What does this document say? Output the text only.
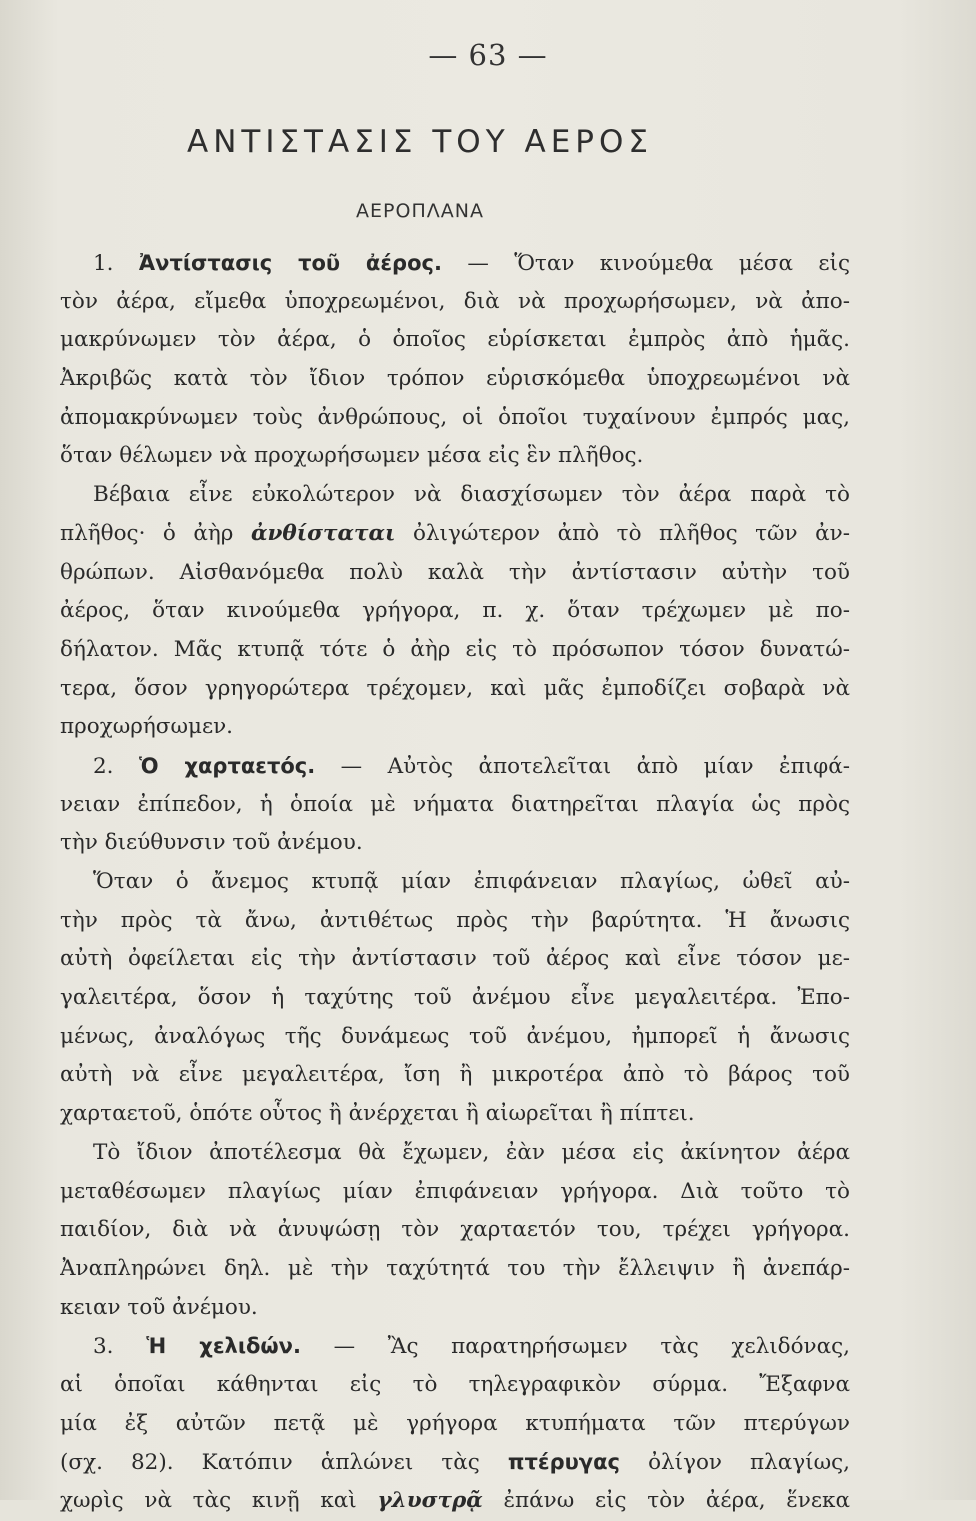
— 63 —
ΑΝΤΙΣΤΑΣΙΣ ΤΟΥ ΑΕΡΟΣ
ΑΕΡΟΠΛΑΝΑ
1. Ἀντίστασις τοῦ ἀέρος. — Ὅταν κινούμεθα μέσα εἰς
τὸν ἀέρα, εἴμεθα ὑποχρεωμένοι, διὰ νὰ προχωρήσωμεν, νὰ ἀπο-
μακρύνωμεν τὸν ἀέρα, ὁ ὁποῖος εὑρίσκεται ἐμπρὸς ἀπὸ ἡμᾶς.
Ἀκριβῶς κατὰ τὸν ἴδιον τρόπον εὑρισκόμεθα ὑποχρεωμένοι νὰ
ἀπομακρύνωμεν τοὺς ἀνθρώπους, οἱ ὁποῖοι τυχαίνουν ἐμπρός μας,
ὅταν θέλωμεν νὰ προχωρήσωμεν μέσα εἰς ἓν πλῆθος.
Βέβαια εἶνε εὐκολώτερον νὰ διασχίσωμεν τὸν ἀέρα παρὰ τὸ
πλῆθος· ὁ ἀὴρ ἀνθίσταται ὀλιγώτερον ἀπὸ τὸ πλῆθος τῶν ἀν-
θρώπων. Αἰσθανόμεθα πολὺ καλὰ τὴν ἀντίστασιν αὐτὴν τοῦ
ἀέρος, ὅταν κινούμεθα γρήγορα, π. χ. ὅταν τρέχωμεν μὲ πο-
δήλατον. Μᾶς κτυπᾷ τότε ὁ ἀὴρ εἰς τὸ πρόσωπον τόσον δυνατώ-
τερα, ὅσον γρηγορώτερα τρέχομεν, καὶ μᾶς ἐμποδίζει σοβαρὰ νὰ
προχωρήσωμεν.
2. Ὁ χαρταετός. — Αὐτὸς ἀποτελεῖται ἀπὸ μίαν ἐπιφά-
νειαν ἐπίπεδον, ἡ ὁποία μὲ νήματα διατηρεῖται πλαγία ὡς πρὸς
τὴν διεύθυνσιν τοῦ ἀνέμου.
Ὅταν ὁ ἄνεμος κτυπᾷ μίαν ἐπιφάνειαν πλαγίως, ὠθεῖ αὐ-
τὴν πρὸς τὰ ἄνω, ἀντιθέτως πρὸς τὴν βαρύτητα. Ἡ ἄνωσις
αὐτὴ ὀφείλεται εἰς τὴν ἀντίστασιν τοῦ ἀέρος καὶ εἶνε τόσον με-
γαλειτέρα, ὅσον ἡ ταχύτης τοῦ ἀνέμου εἶνε μεγαλειτέρα. Ἐπο-
μένως, ἀναλόγως τῆς δυνάμεως τοῦ ἀνέμου, ἠμπορεῖ ἡ ἄνωσις
αὐτὴ νὰ εἶνε μεγαλειτέρα, ἴση ἢ μικροτέρα ἀπὸ τὸ βάρος τοῦ
χαρταετοῦ, ὁπότε οὗτος ἢ ἀνέρχεται ἢ αἰωρεῖται ἢ πίπτει.
Τὸ ἴδιον ἀποτέλεσμα θὰ ἔχωμεν, ἐὰν μέσα εἰς ἀκίνητον ἀέρα
μεταθέσωμεν πλαγίως μίαν ἐπιφάνειαν γρήγορα. Διὰ τοῦτο τὸ
παιδίον, διὰ νὰ ἀνυψώσῃ τὸν χαρταετόν του, τρέχει γρήγορα.
Ἀναπληρώνει δηλ. μὲ τὴν ταχύτητά του τὴν ἔλλειψιν ἢ ἀνεπάρ-
κειαν τοῦ ἀνέμου.
3. Ἡ χελιδών. — Ἂς παρατηρήσωμεν τὰς χελιδόνας,
αἱ ὁποῖαι κάθηνται εἰς τὸ τηλεγραφικὸν σύρμα. Ἔξαφνα
μία ἐξ αὐτῶν πετᾷ μὲ γρήγορα κτυπήματα τῶν πτερύγων
(σχ. 82). Κατόπιν ἁπλώνει τὰς πτέρυγας ὀλίγον πλαγίως,
χωρὶς νὰ τὰς κινῇ καὶ γλυστρᾷ ἐπάνω εἰς τὸν ἀέρα, ἕνεκα
